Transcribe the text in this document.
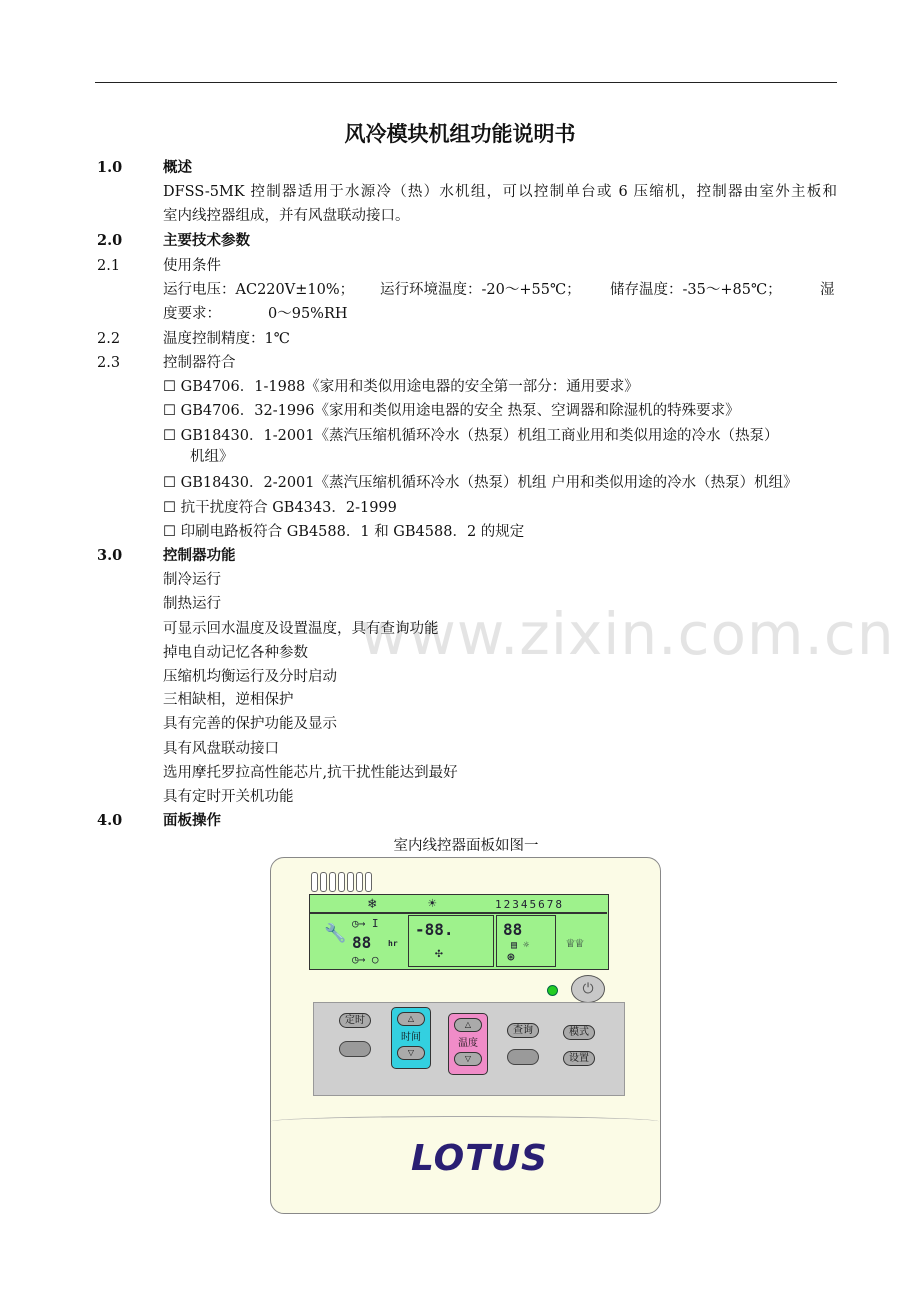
风冷模块机组功能说明书
www.zixin.com.cn
1.0	概述
DFSS-5MK 控制器适用于水源冷（热）水机组，可以控制单台或 6 压缩机，控制器由室外主板和
室内线控器组成，并有风盘联动接口。
2.0	主要技术参数
2.1	使用条件
运行电压：AC220V±10%； 运行环境温度：-20～+55℃； 储存温度：-35～+85℃；	湿
度要求：	0～95%RH
2.2	温度控制精度：1℃
2.3	控制器符合
☐ GB4706．1-1988《家用和类似用途电器的安全第一部分：通用要求》
☐ GB4706．32-1996《家用和类似用途电器的安全 热泵、空调器和除湿机的特殊要求》
☐ GB18430．1-2001《蒸汽压缩机循环冷水（热泵）机组工商业用和类似用途的冷水（热泵）
机组》
☐ GB18430．2-2001《蒸汽压缩机循环冷水（热泵）机组 户用和类似用途的冷水（热泵）机组》
☐ 抗干扰度符合 GB4343．2-1999
☐ 印刷电路板符合 GB4588．1 和 GB4588．2 的规定
3.0	控制器功能
制冷运行
制热运行
可显示回水温度及设置温度，具有查询功能
掉电自动记忆各种参数
压缩机均衡运行及分时启动
三相缺相，逆相保护
具有完善的保护功能及显示
具有风盘联动接口
选用摩托罗拉高性能芯片,抗干扰性能达到最好
具有定时开关机功能
4.0	面板操作
室内线控器面板如图一
❄	☀	12345678
🔧 ◷→ I
88 hr
◷→ ○
-88.
✣
88
▤ ☼
⊛
♕♕
⏻
定时	△
时间
▽
△
温度
▽
查询	模式
设置
LOTUS
